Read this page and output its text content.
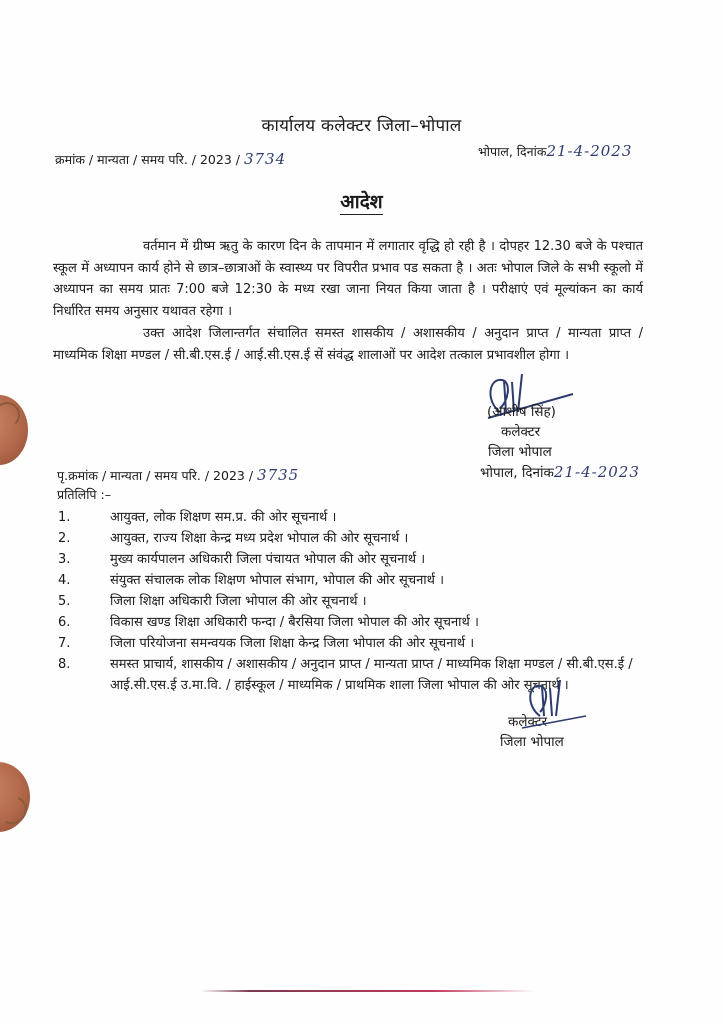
कार्यालय कलेक्टर जिला–भोपाल
क्रमांक / मान्यता / समय परि. / 2023 / 3734	भोपाल, दिनांक21-4-2023
आदेश
वर्तमान में ग्रीष्म ऋतु के कारण दिन के तापमान में लगातार वृद्धि हो रही है । दोपहर 12.30 बजे के पश्चात स्कूल में अध्यापन कार्य होने से छात्र–छात्राओं के स्वास्थ्य पर विपरीत प्रभाव पड सकता है । अतः भोपाल जिले के सभी स्कूलो में अध्यापन का समय प्रातः 7:00 बजे 12:30 के मध्य रखा जाना नियत किया जाता है । परीक्षाएं एवं मूल्यांकन का कार्य निर्धारित समय अनुसार यथावत रहेगा ।
उक्त आदेश जिलान्तर्गत संचालित समस्त शासकीय / अशासकीय / अनुदान प्राप्त / मान्यता प्राप्त / माध्यमिक शिक्षा मण्डल / सी.बी.एस.ई / आई.सी.एस.ई सें संवंद्ध शालाओं पर आदेश तत्काल प्रभावशील होगा ।
(आशीष सिंह)
कलेक्टर
जिला भोपाल
भोपाल, दिनांक21-4-2023
पृ.क्रमांक / मान्यता / समय परि. / 2023 / 3735
प्रतिलिपि :–
1.	आयुक्त, लोक शिक्षण सम.प्र. की ओर सूचनार्थ ।
2.	आयुक्त, राज्य शिक्षा केन्द्र मध्य प्रदेश भोपाल की ओर सूचनार्थ ।
3.	मुख्य कार्यपालन अधिकारी जिला पंचायत भोपाल की ओर सूचनार्थ ।
4.	संयुक्त संचालक लोक शिक्षण भोपाल संभाग, भोपाल की ओर सूचनार्थ ।
5.	जिला शिक्षा अधिकारी जिला भोपाल की ओर सूचनार्थ ।
6.	विकास खण्ड शिक्षा अधिकारी फन्दा / बैरसिया जिला भोपाल की ओर सूचनार्थ ।
7.	जिला परियोजना समन्वयक जिला शिक्षा केन्द्र जिला भोपाल की ओर सूचनार्थ ।
8.	समस्त प्राचार्य, शासकीय / अशासकीय / अनुदान प्राप्त / मान्यता प्राप्त / माध्यमिक शिक्षा मण्डल / सी.बी.एस.ई / आई.सी.एस.ई उ.मा.वि. / हाईस्कूल / माध्यमिक / प्राथमिक शाला जिला भोपाल की ओर सूचनार्थ ।
कलेक्टर
जिला भोपाल
